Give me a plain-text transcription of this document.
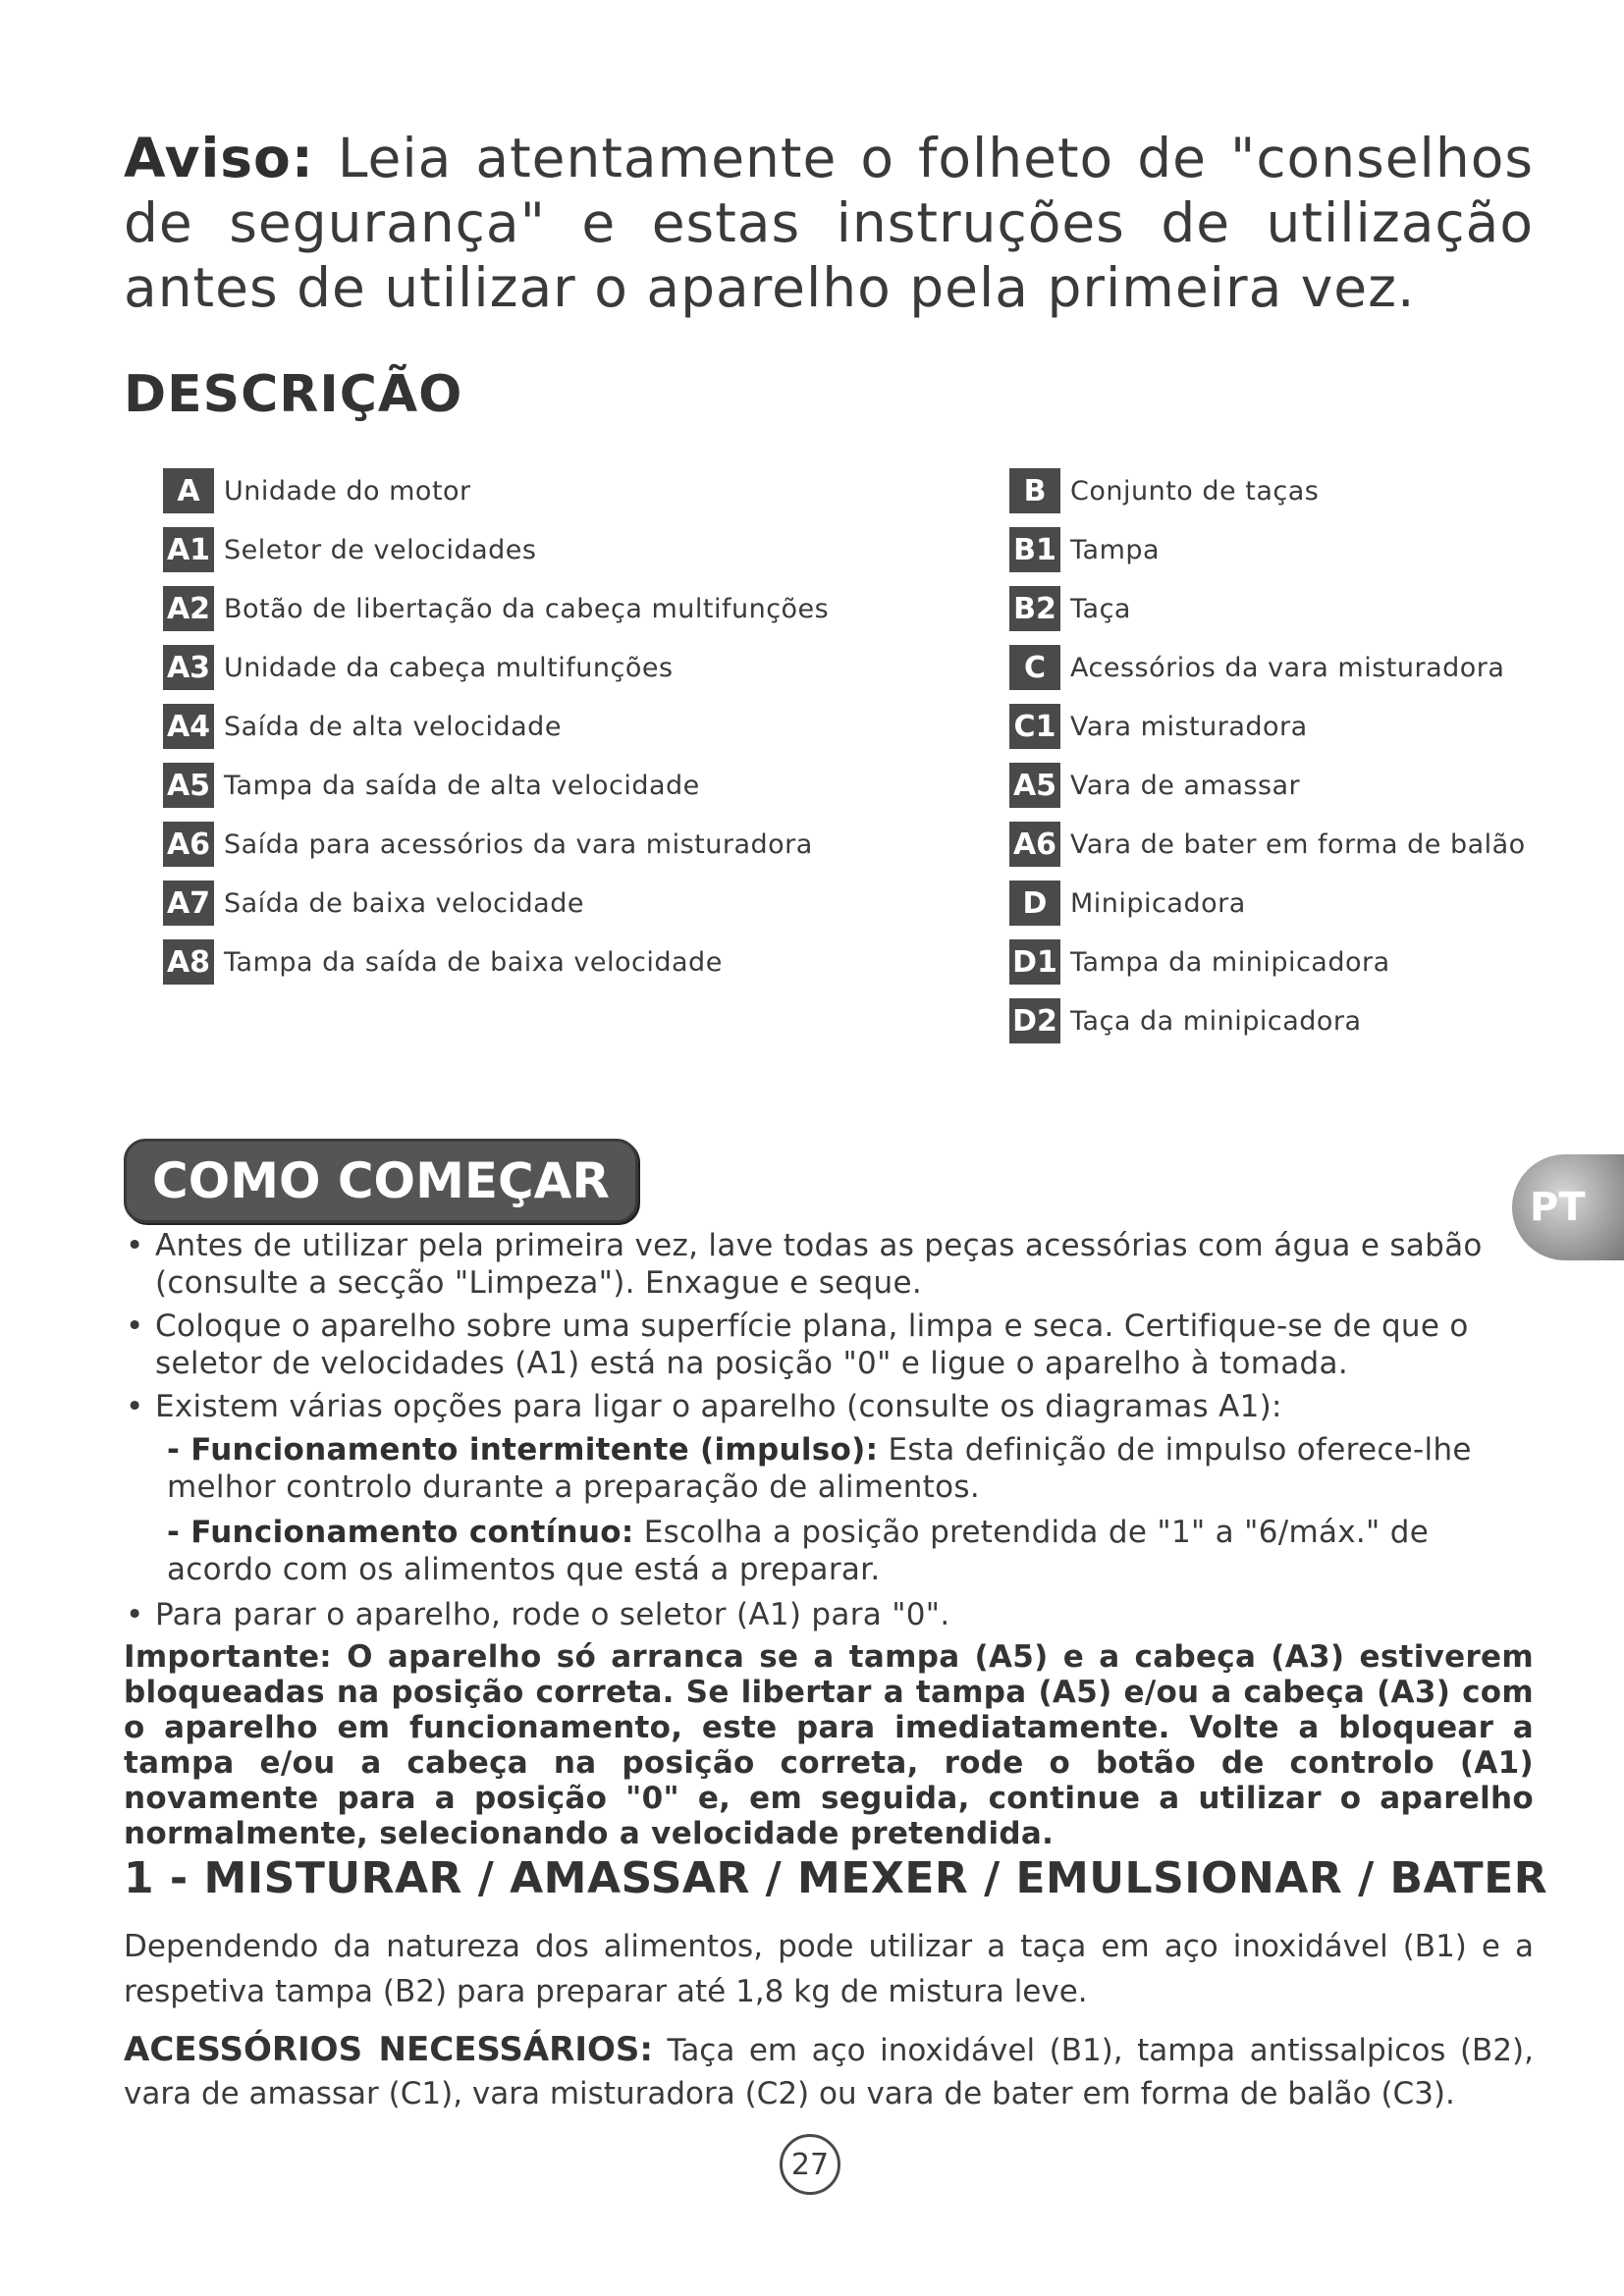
Aviso: Leia atentamente o folheto de "conselhos de segurança" e estas instruções de utilização antes de utilizar o aparelho pela primeira vez.
DESCRIÇÃO
A Unidade do motor
A1 Seletor de velocidades
A2 Botão de libertação da cabeça multifunções
A3 Unidade da cabeça multifunções
A4 Saída de alta velocidade
A5 Tampa da saída de alta velocidade
A6 Saída para acessórios da vara misturadora
A7 Saída de baixa velocidade
A8 Tampa da saída de baixa velocidade
B Conjunto de taças
B1 Tampa
B2 Taça
C Acessórios da vara misturadora
C1 Vara misturadora
A5 Vara de amassar
A6 Vara de bater em forma de balão
D Minipicadora
D1 Tampa da minipicadora
D2 Taça da minipicadora
COMO COMEÇAR	PT
• Antes de utilizar pela primeira vez, lave todas as peças acessórias com água e sabão (consulte a secção "Limpeza"). Enxague e seque.
• Coloque o aparelho sobre uma superfície plana, limpa e seca. Certifique-se de que o seletor de velocidades (A1) está na posição "0" e ligue o aparelho à tomada.
• Existem várias opções para ligar o aparelho (consulte os diagramas A1):
- Funcionamento intermitente (impulso): Esta definição de impulso oferece-lhe melhor controlo durante a preparação de alimentos.
- Funcionamento contínuo: Escolha a posição pretendida de "1" a "6/máx." de acordo com os alimentos que está a preparar.
• Para parar o aparelho, rode o seletor (A1) para "0".
Importante: O aparelho só arranca se a tampa (A5) e a cabeça (A3) estiverem bloqueadas na posição correta. Se libertar a tampa (A5) e/ou a cabeça (A3) com o aparelho em funcionamento, este para imediatamente. Volte a bloquear a tampa e/ou a cabeça na posição correta, rode o botão de controlo (A1) novamente para a posição "0" e, em seguida, continue a utilizar o aparelho normalmente, selecionando a velocidade pretendida.
1 - MISTURAR / AMASSAR / MEXER / EMULSIONAR / BATER
Dependendo da natureza dos alimentos, pode utilizar a taça em aço inoxidável (B1) e a respetiva tampa (B2) para preparar até 1,8 kg de mistura leve.
ACESSÓRIOS NECESSÁRIOS: Taça em aço inoxidável (B1), tampa antissalpicos (B2), vara de amassar (C1), vara misturadora (C2) ou vara de bater em forma de balão (C3).
27
